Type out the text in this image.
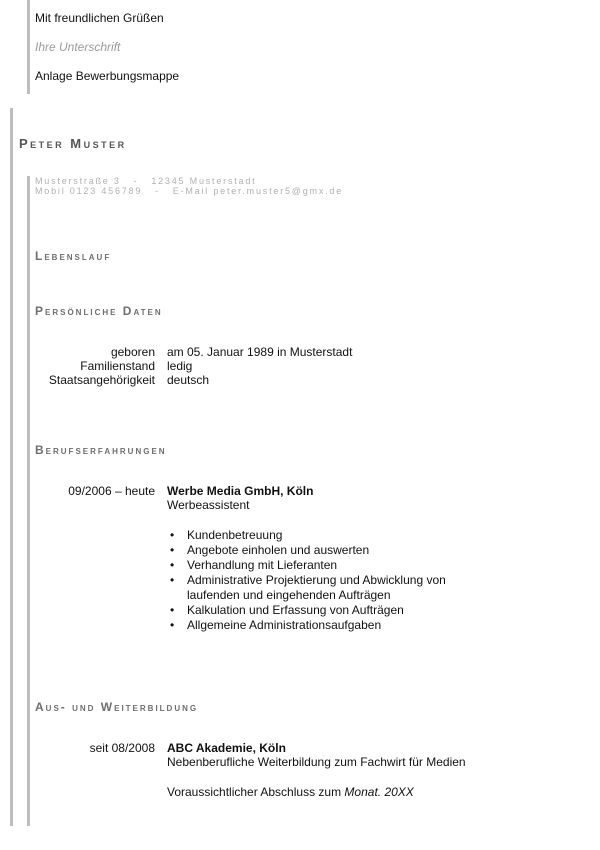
Mit freundlichen Grüßen
Ihre Unterschrift
Anlage Bewerbungsmappe
Peter Muster
Musterstraße 3   -   12345 Musterstadt
Mobil 0123 456789   -   E-Mail peter.muster5@gmx.de
Lebenslauf
Persönliche Daten
geboren am 05. Januar 1989 in Musterstadt
Familienstand ledig
Staatsangehörigkeit deutsch
Berufserfahrungen
09/2006 – heute Werbe Media GmbH, Köln
Werbeassistent
• Kundenbetreuung
• Angebote einholen und auswerten
• Verhandlung mit Lieferanten
• Administrative Projektierung und Abwicklung von
laufenden und eingehenden Aufträgen
• Kalkulation und Erfassung von Aufträgen
• Allgemeine Administrationsaufgaben
Aus- und Weiterbildung
seit 08/2008 ABC Akademie, Köln
Nebenberufliche Weiterbildung zum Fachwirt für Medien
Voraussichtlicher Abschluss zum Monat. 20XX
